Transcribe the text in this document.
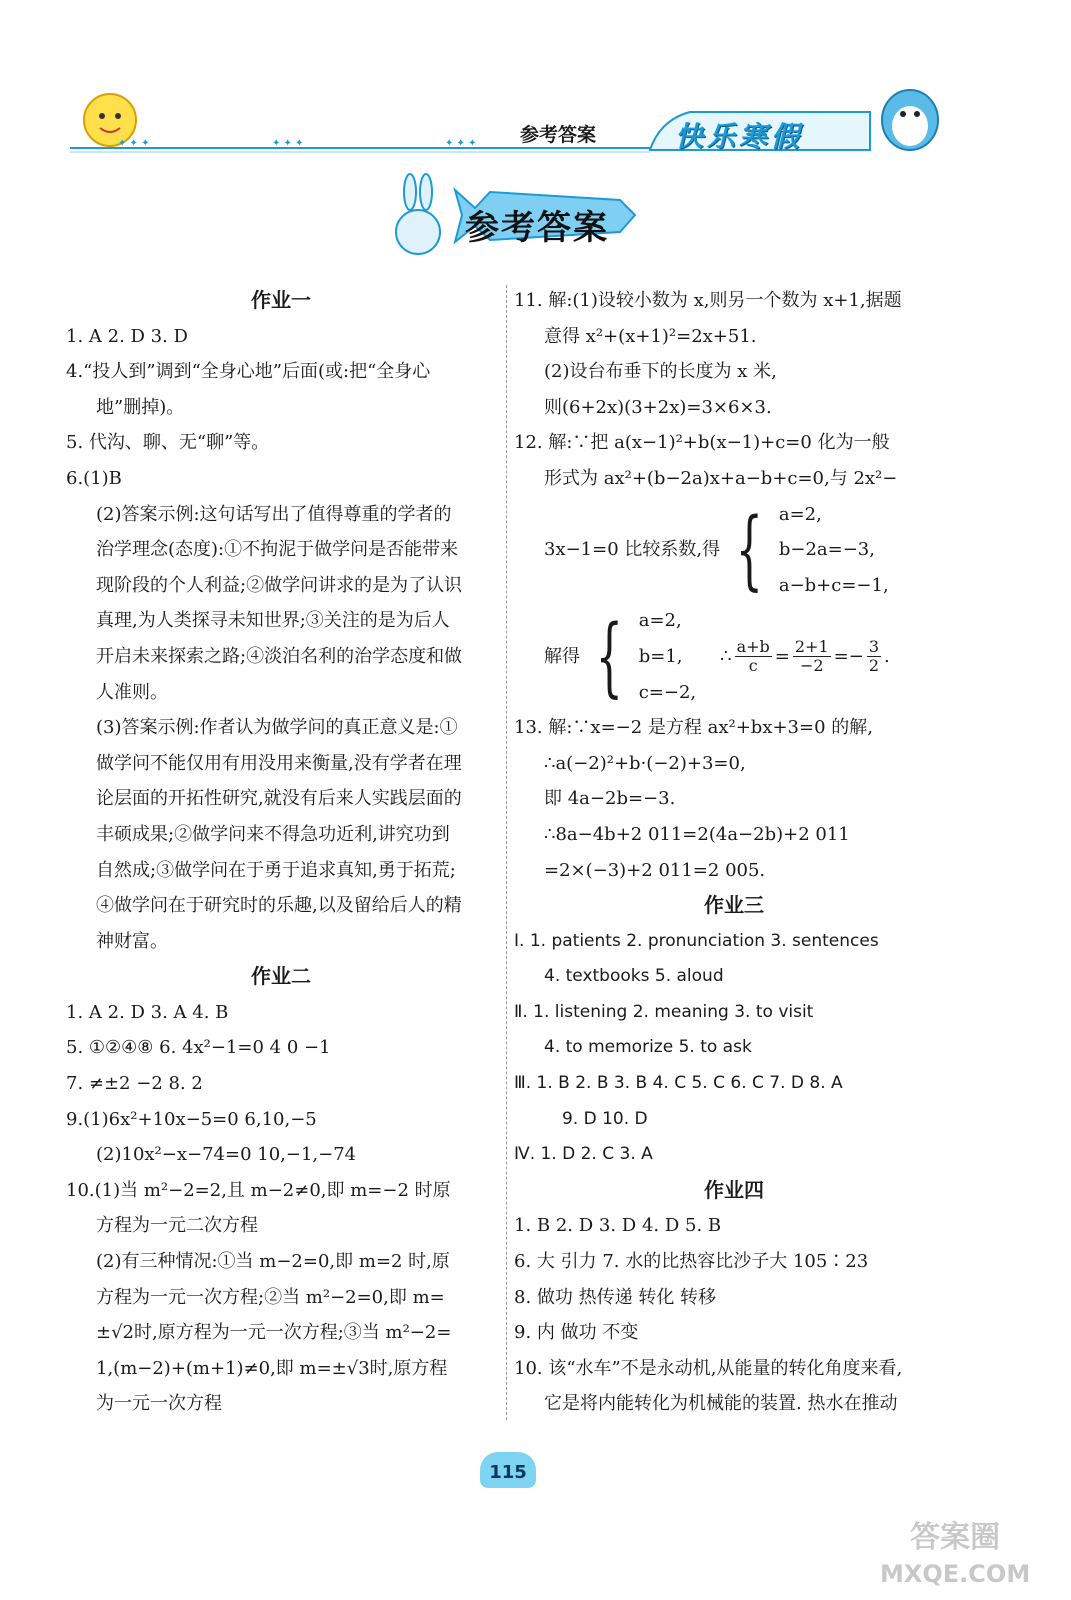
✦ ✦ ✦	✦ ✦ ✦	✦ ✦ ✦ 参考答案	快乐寒假
参考答案
作业一
1. A 2. D 3. D
4.“投人到”调到“全身心地”后面(或:把“全身心
地”删掉)。
5. 代沟、聊、无“聊”等。
6.(1)B
(2)答案示例:这句话写出了值得尊重的学者的
治学理念(态度):①不拘泥于做学问是否能带来
现阶段的个人利益;②做学问讲求的是为了认识
真理,为人类探寻未知世界;③关注的是为后人
开启未来探索之路;④淡泊名利的治学态度和做
人准则。
(3)答案示例:作者认为做学问的真正意义是:①
做学问不能仅用有用没用来衡量,没有学者在理
论层面的开拓性研究,就没有后来人实践层面的
丰硕成果;②做学问来不得急功近利,讲究功到
自然成;③做学问在于勇于追求真知,勇于拓荒;
④做学问在于研究时的乐趣,以及留给后人的精
神财富。
作业二
1. A 2. D 3. A 4. B
5. ①②④⑧ 6. 4x²−1=0 4 0 −1
7. ≠±2 −2 8. 2
9.(1)6x²+10x−5=0 6,10,−5
(2)10x²−x−74=0 10,−1,−74
10.(1)当 m²−2=2,且 m−2≠0,即 m=−2 时原
方程为一元二次方程
(2)有三种情况:①当 m−2=0,即 m=2 时,原
方程为一元一次方程;②当 m²−2=0,即 m=
±√2时,原方程为一元一次方程;③当 m²−2=
1,(m−2)+(m+1)≠0,即 m=±√3时,原方程
为一元一次方程
11. 解:(1)设较小数为 x,则另一个数为 x+1,据题
意得 x²+(x+1)²=2x+51.
(2)设台布垂下的长度为 x 米,
则(6+2x)(3+2x)=3×6×3.
12. 解:∵把 a(x−1)²+b(x−1)+c=0 化为一般
形式为 ax²+(b−2a)x+a−b+c=0,与 2x²−
3x−1=0 比较系数,得 { a=2,
b−2a=−3,
a−b+c=−1,
解得 { a=2,
b=1,
c=−2,
∴ $\frac{a+b}{c} = \frac{2+1}{-2} =- \frac{3}{2}$ .
13. 解:∵x=−2 是方程 ax²+bx+3=0 的解,
∴a(−2)²+b·(−2)+3=0,
即 4a−2b=−3.
∴8a−4b+2 011=2(4a−2b)+2 011
=2×(−3)+2 011=2 005.
作业三
Ⅰ. 1. patients 2. pronunciation 3. sentences
4. textbooks 5. aloud
Ⅱ. 1. listening 2. meaning 3. to visit
4. to memorize 5. to ask
Ⅲ. 1. B 2. B 3. B 4. C 5. C 6. C 7. D 8. A
9. D 10. D
Ⅳ. 1. D 2. C 3. A
作业四
1. B 2. D 3. D 4. D 5. B
6. 大 引力 7. 水的比热容比沙子大 105∶23
8. 做功 热传递 转化 转移
9. 内 做功 不变
10. 该“水车”不是永动机,从能量的转化角度来看,
它是将内能转化为机械能的装置. 热水在推动
115
答案圈
MXQE.COM
